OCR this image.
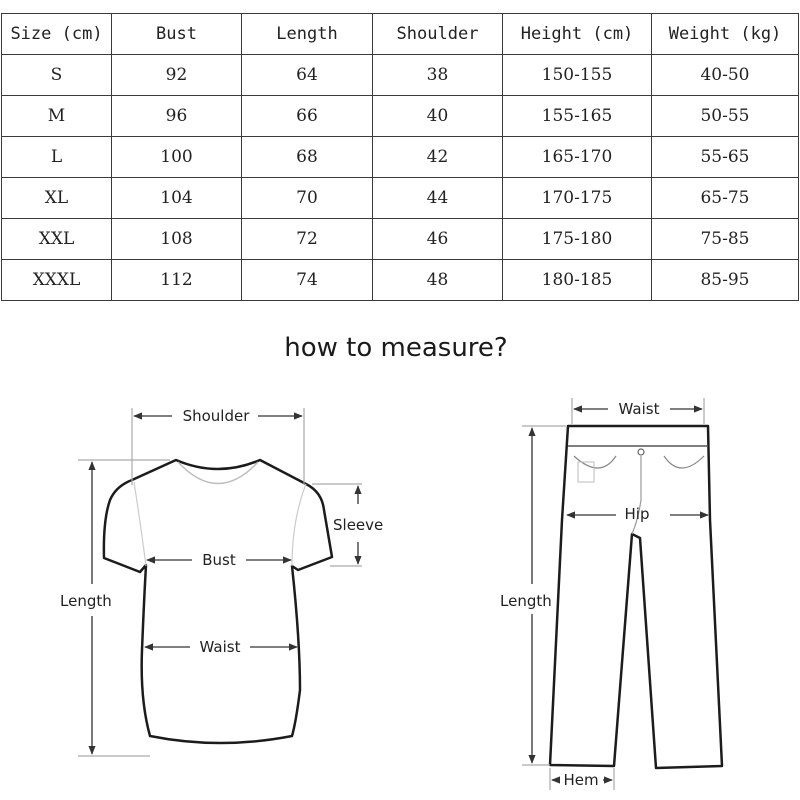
Size (cm)	Bust	Length	Shoulder	Height (cm)	Weight (kg)
S	92	64	38	150-155	40-50
M	96	66	40	155-165	50-55
L	100	68	42	165-170	55-65
XL	104	70	44	170-175	65-75
XXL	108	72	46	175-180	75-85
XXXL	112	74	48	180-185	85-95
how to measure?
Shoulder
Sleeve
Bust
Waist
Length
Waist
Hip
Length
Hem
